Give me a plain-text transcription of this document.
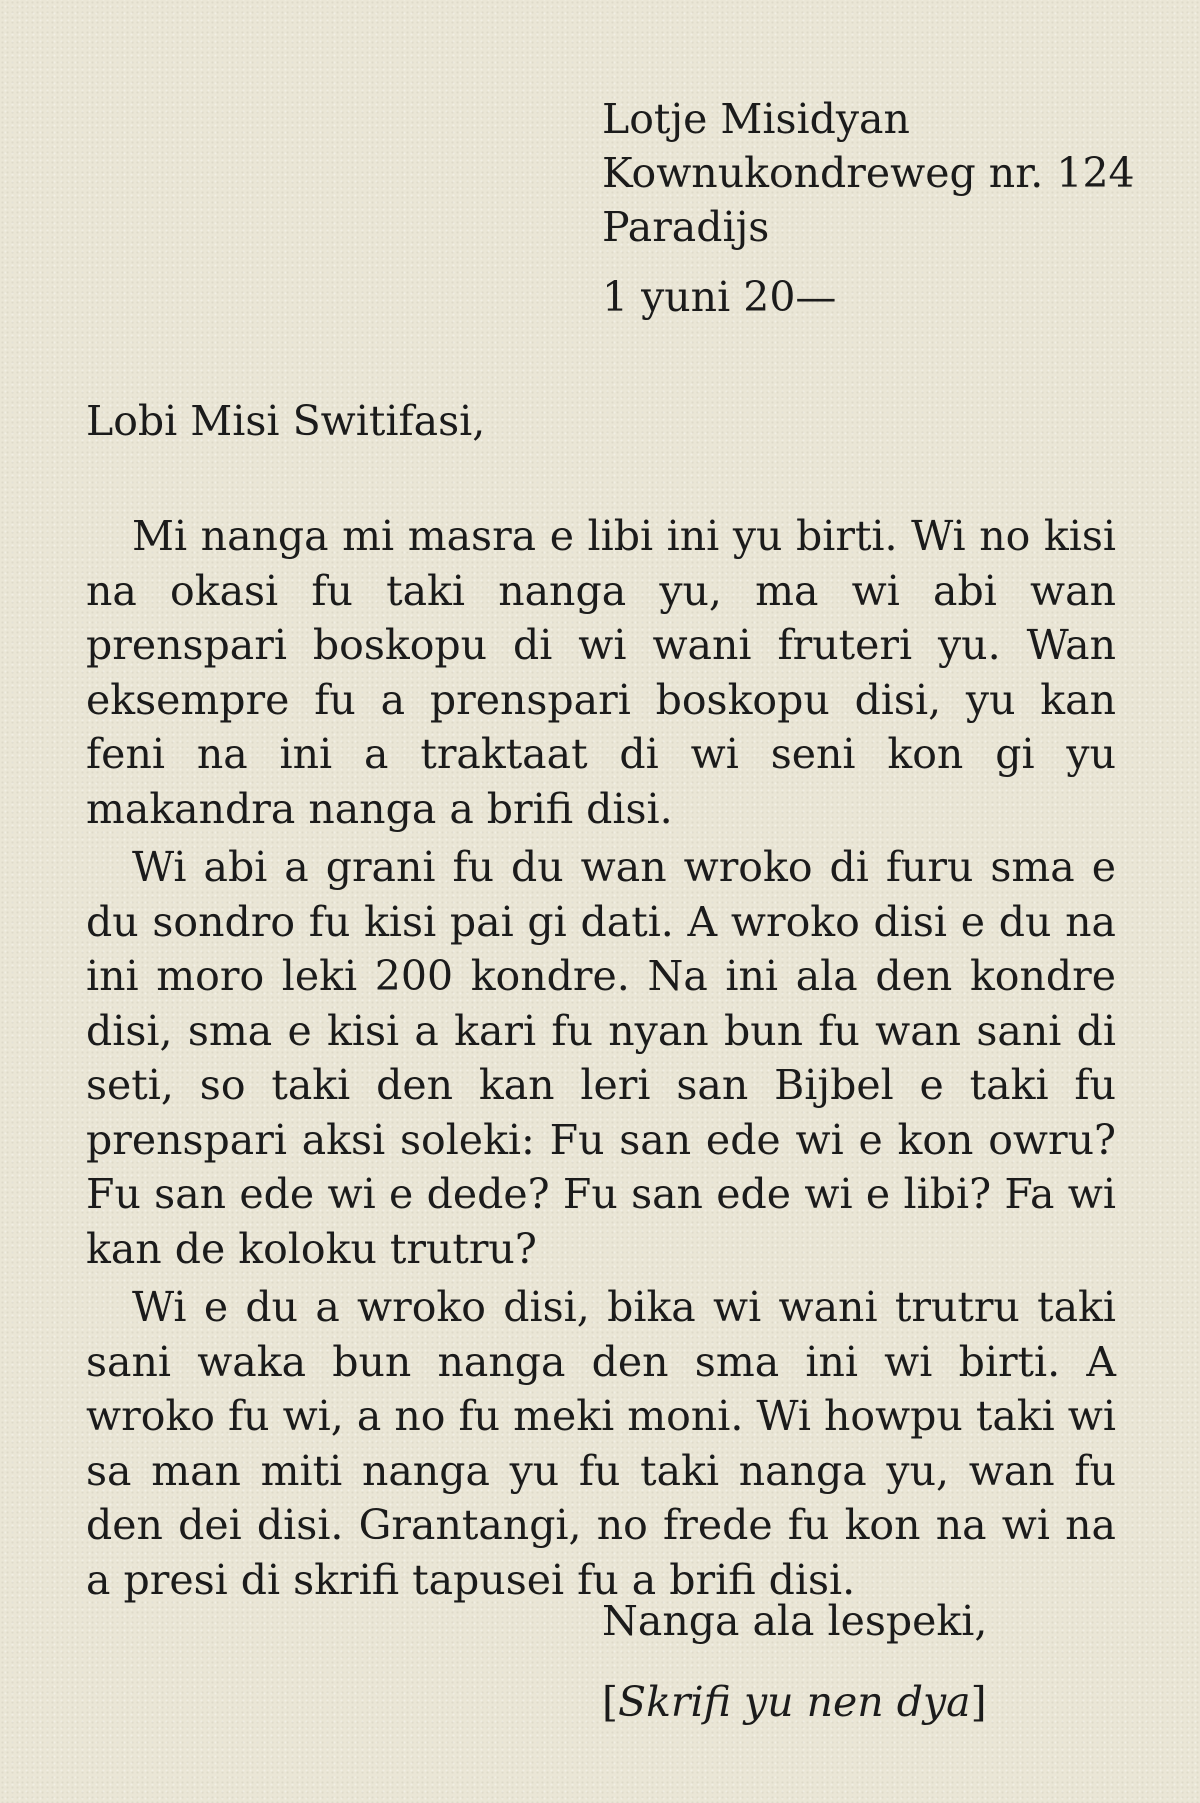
Lotje Misidyan
Kownukondreweg nr. 124
Paradijs
1 yuni 20—
Lobi Misi Switifasi,

Mi nanga mi masra e libi ini yu birti. Wi no kisi na okasi fu taki nanga yu, ma wi abi wan prenspari boskopu di wi wani fruteri yu. Wan eksempre fu a prenspari boskopu disi, yu kan feni na ini a traktaat di wi seni kon gi yu makandra nanga a brifi disi.

Wi abi a grani fu du wan wroko di furu sma e du sondro fu kisi pai gi dati. A wroko disi e du na ini moro leki 200 kondre. Na ini ala den kondre disi, sma e kisi a kari fu nyan bun fu wan sani di seti, so taki den kan leri san Bijbel e taki fu prenspari aksi soleki: Fu san ede wi e kon owru? Fu san ede wi e dede? Fu san ede wi e libi? Fa wi kan de koloku trutru?

Wi e du a wroko disi, bika wi wani trutru taki sani waka bun nanga den sma ini wi birti. A wroko fu wi, a no fu meki moni. Wi howpu taki wi sa man miti nanga yu fu taki nanga yu, wan fu den dei disi. Grantangi, no frede fu kon na wi na a presi di skrifi tapusei fu a brifi disi.

Nanga ala lespeki,
[Skrifi yu nen dya]
